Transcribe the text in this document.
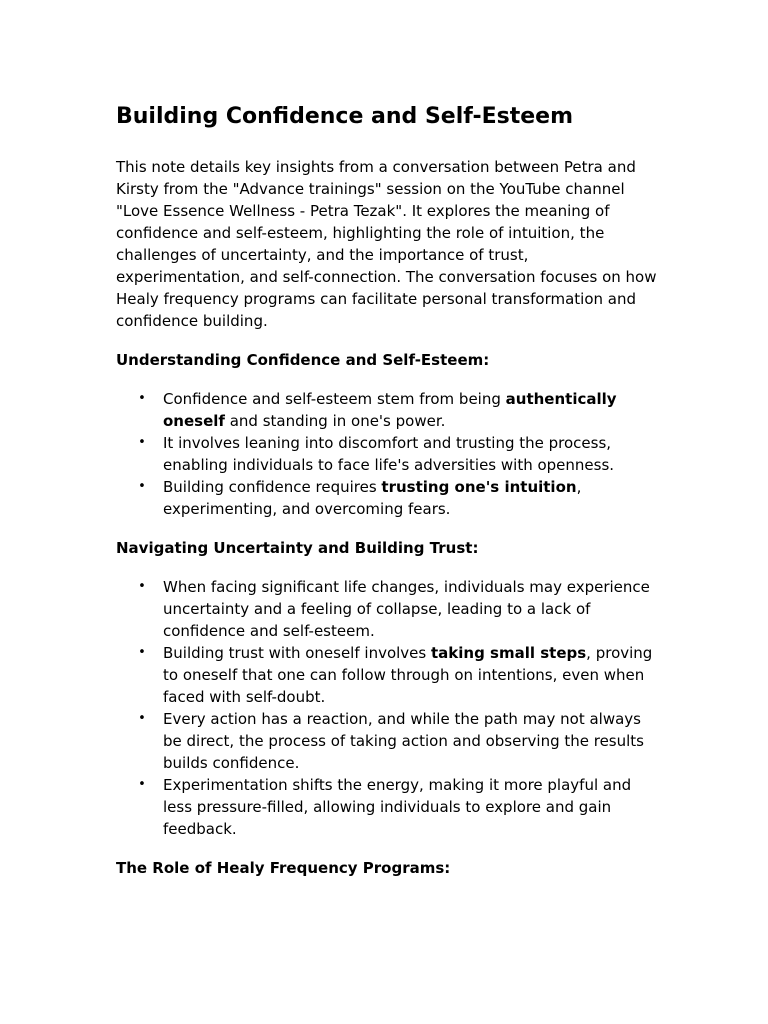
Building Confidence and Self-Esteem

This note details key insights from a conversation between Petra and Kirsty from the "Advance trainings" session on the YouTube channel "Love Essence Wellness - Petra Tezak". It explores the meaning of confidence and self-esteem, highlighting the role of intuition, the challenges of uncertainty, and the importance of trust, experimentation, and self-connection. The conversation focuses on how Healy frequency programs can facilitate personal transformation and confidence building.

Understanding Confidence and Self-Esteem:
• Confidence and self-esteem stem from being authentically oneself and standing in one's power.
• It involves leaning into discomfort and trusting the process, enabling individuals to face life's adversities with openness.
• Building confidence requires trusting one's intuition, experimenting, and overcoming fears.
Navigating Uncertainty and Building Trust:
• When facing significant life changes, individuals may experience uncertainty and a feeling of collapse, leading to a lack of confidence and self-esteem.
• Building trust with oneself involves taking small steps, proving to oneself that one can follow through on intentions, even when faced with self-doubt.
• Every action has a reaction, and while the path may not always be direct, the process of taking action and observing the results builds confidence.
• Experimentation shifts the energy, making it more playful and less pressure-filled, allowing individuals to explore and gain feedback.
The Role of Healy Frequency Programs:
